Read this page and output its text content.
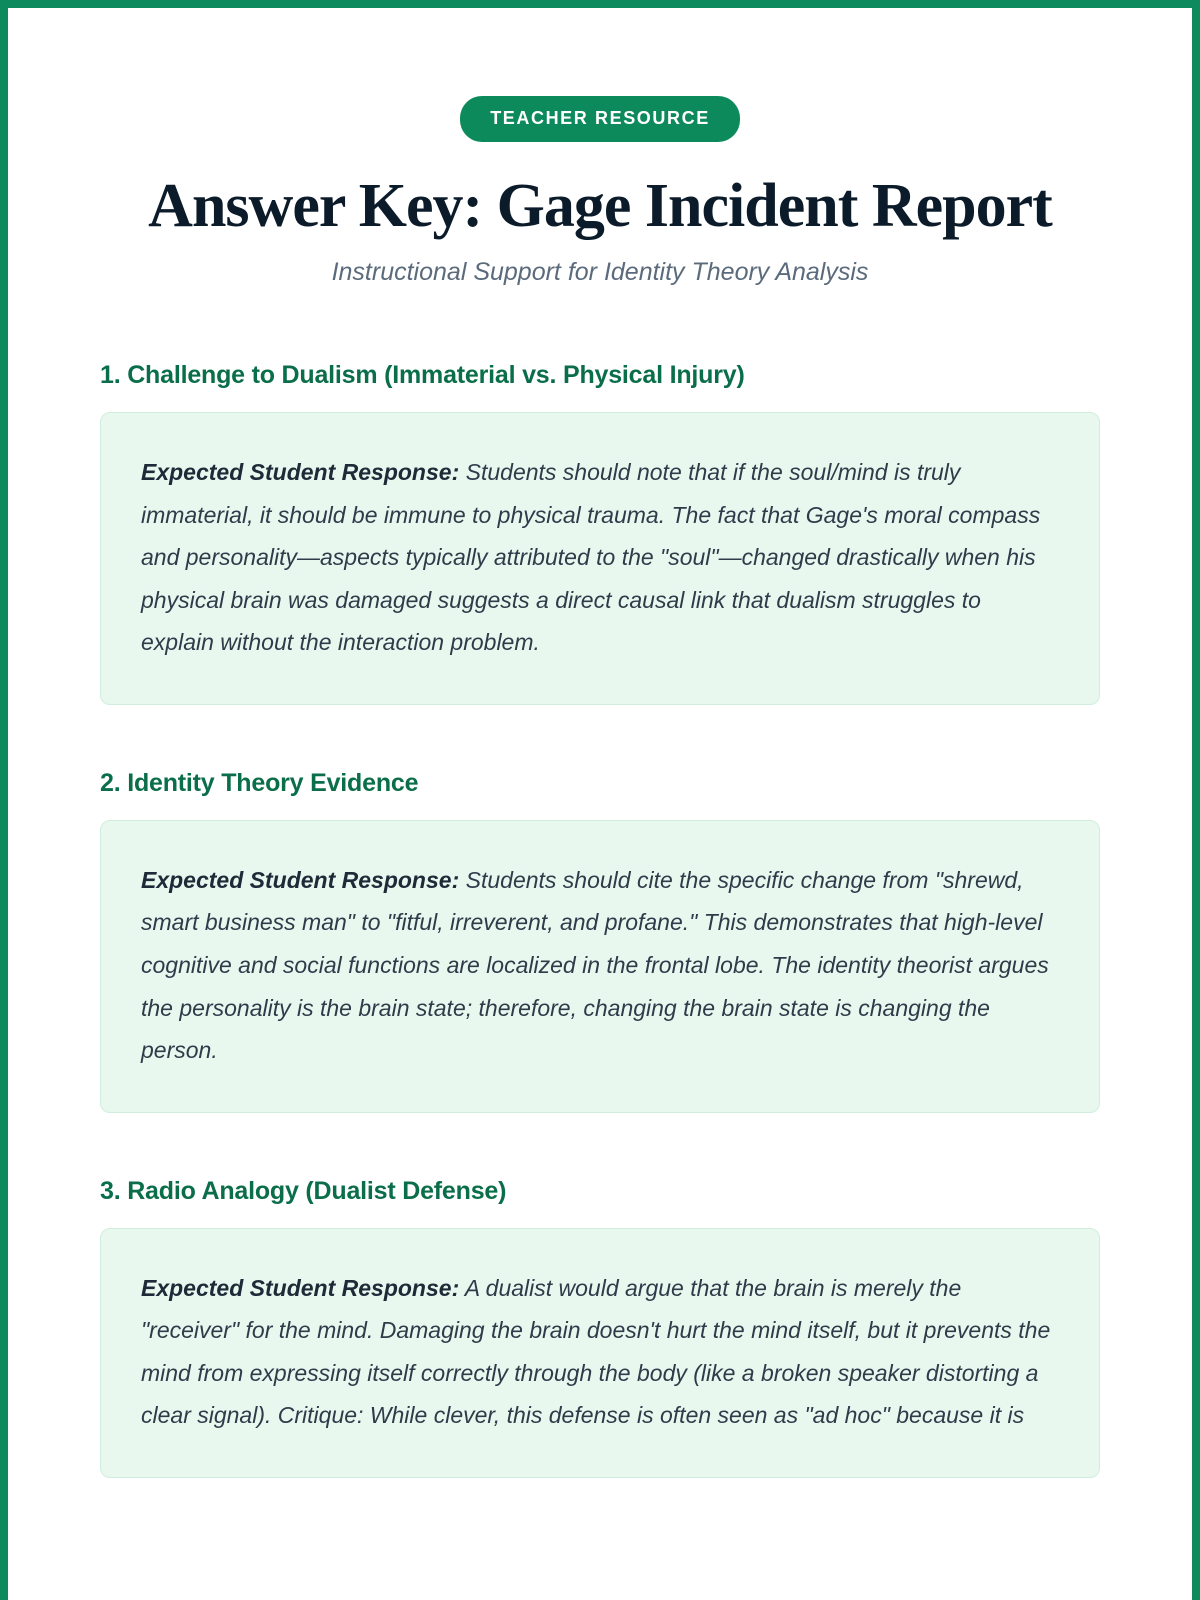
TEACHER RESOURCE
Answer Key: Gage Incident Report

Instructional Support for Identity Theory Analysis

1. Challenge to Dualism (Immaterial vs. Physical Injury)

Expected Student Response: Students should note that if the soul/mind is truly immaterial, it should be immune to physical trauma. The fact that Gage's moral compass and personality—aspects typically attributed to the "soul"—changed drastically when his physical brain was damaged suggests a direct causal link that dualism struggles to explain without the interaction problem.

2. Identity Theory Evidence

Expected Student Response: Students should cite the specific change from "shrewd, smart business man" to "fitful, irreverent, and profane." This demonstrates that high-level cognitive and social functions are localized in the frontal lobe. The identity theorist argues the personality is the brain state; therefore, changing the brain state is changing the person.

3. Radio Analogy (Dualist Defense)

Expected Student Response: A dualist would argue that the brain is merely the "receiver" for the mind. Damaging the brain doesn't hurt the mind itself, but it prevents the mind from expressing itself correctly through the body (like a broken speaker distorting a clear signal). Critique: While clever, this defense is often seen as "ad hoc" because it is
